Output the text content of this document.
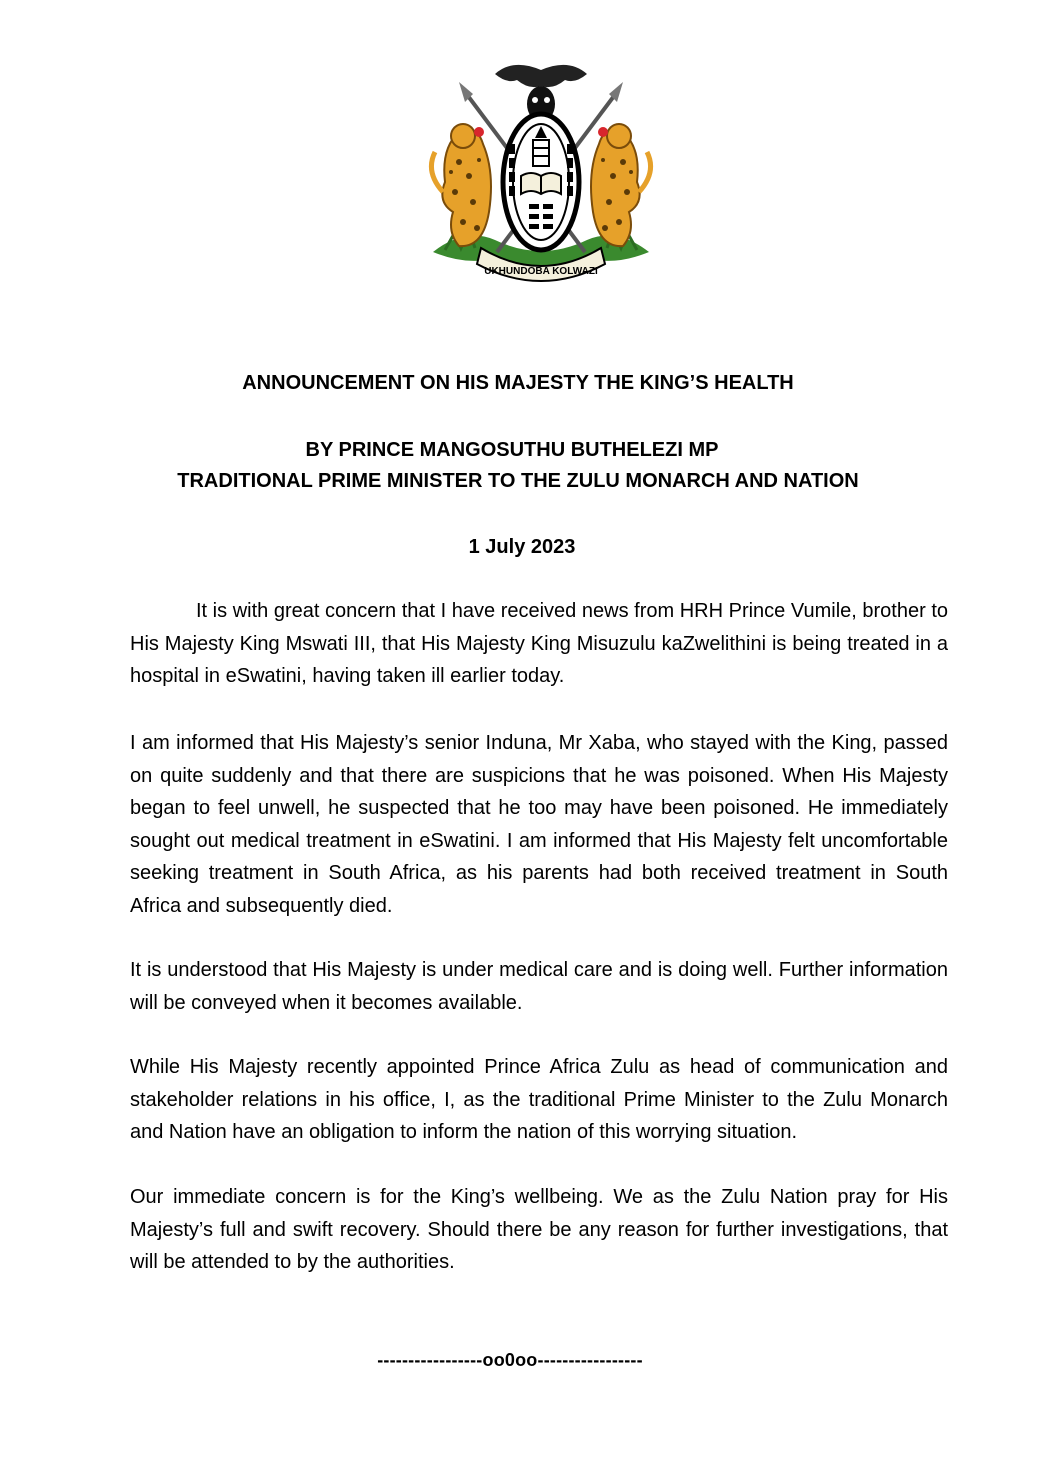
UKHUNDOBA KOLWAZI
ANNOUNCEMENT ON HIS MAJESTY THE KING’S HEALTH
BY PRINCE MANGOSUTHU BUTHELEZI MP
TRADITIONAL PRIME MINISTER TO THE ZULU MONARCH AND NATION
1 July 2023

It is with great concern that I have received news from HRH Prince Vumile, brother to His Majesty King Mswati III, that His Majesty King Misuzulu kaZwelithini is being treated in a hospital in eSwatini, having taken ill earlier today.

I am informed that His Majesty’s senior Induna, Mr Xaba, who stayed with the King, passed on quite suddenly and that there are suspicions that he was poisoned. When His Majesty began to feel unwell, he suspected that he too may have been poisoned. He immediately sought out medical treatment in eSwatini. I am informed that His Majesty felt uncomfortable seeking treatment in South Africa, as his parents had both received treatment in South Africa and subsequently died.

It is understood that His Majesty is under medical care and is doing well. Further information will be conveyed when it becomes available.

While His Majesty recently appointed Prince Africa Zulu as head of communication and stakeholder relations in his office, I, as the traditional Prime Minister to the Zulu Monarch and Nation have an obligation to inform the nation of this worrying situation.

Our immediate concern is for the King’s wellbeing. We as the Zulu Nation pray for His Majesty’s full and swift recovery. Should there be any reason for further investigations, that will be attended to by the authorities.

-----------------oo0oo-----------------
